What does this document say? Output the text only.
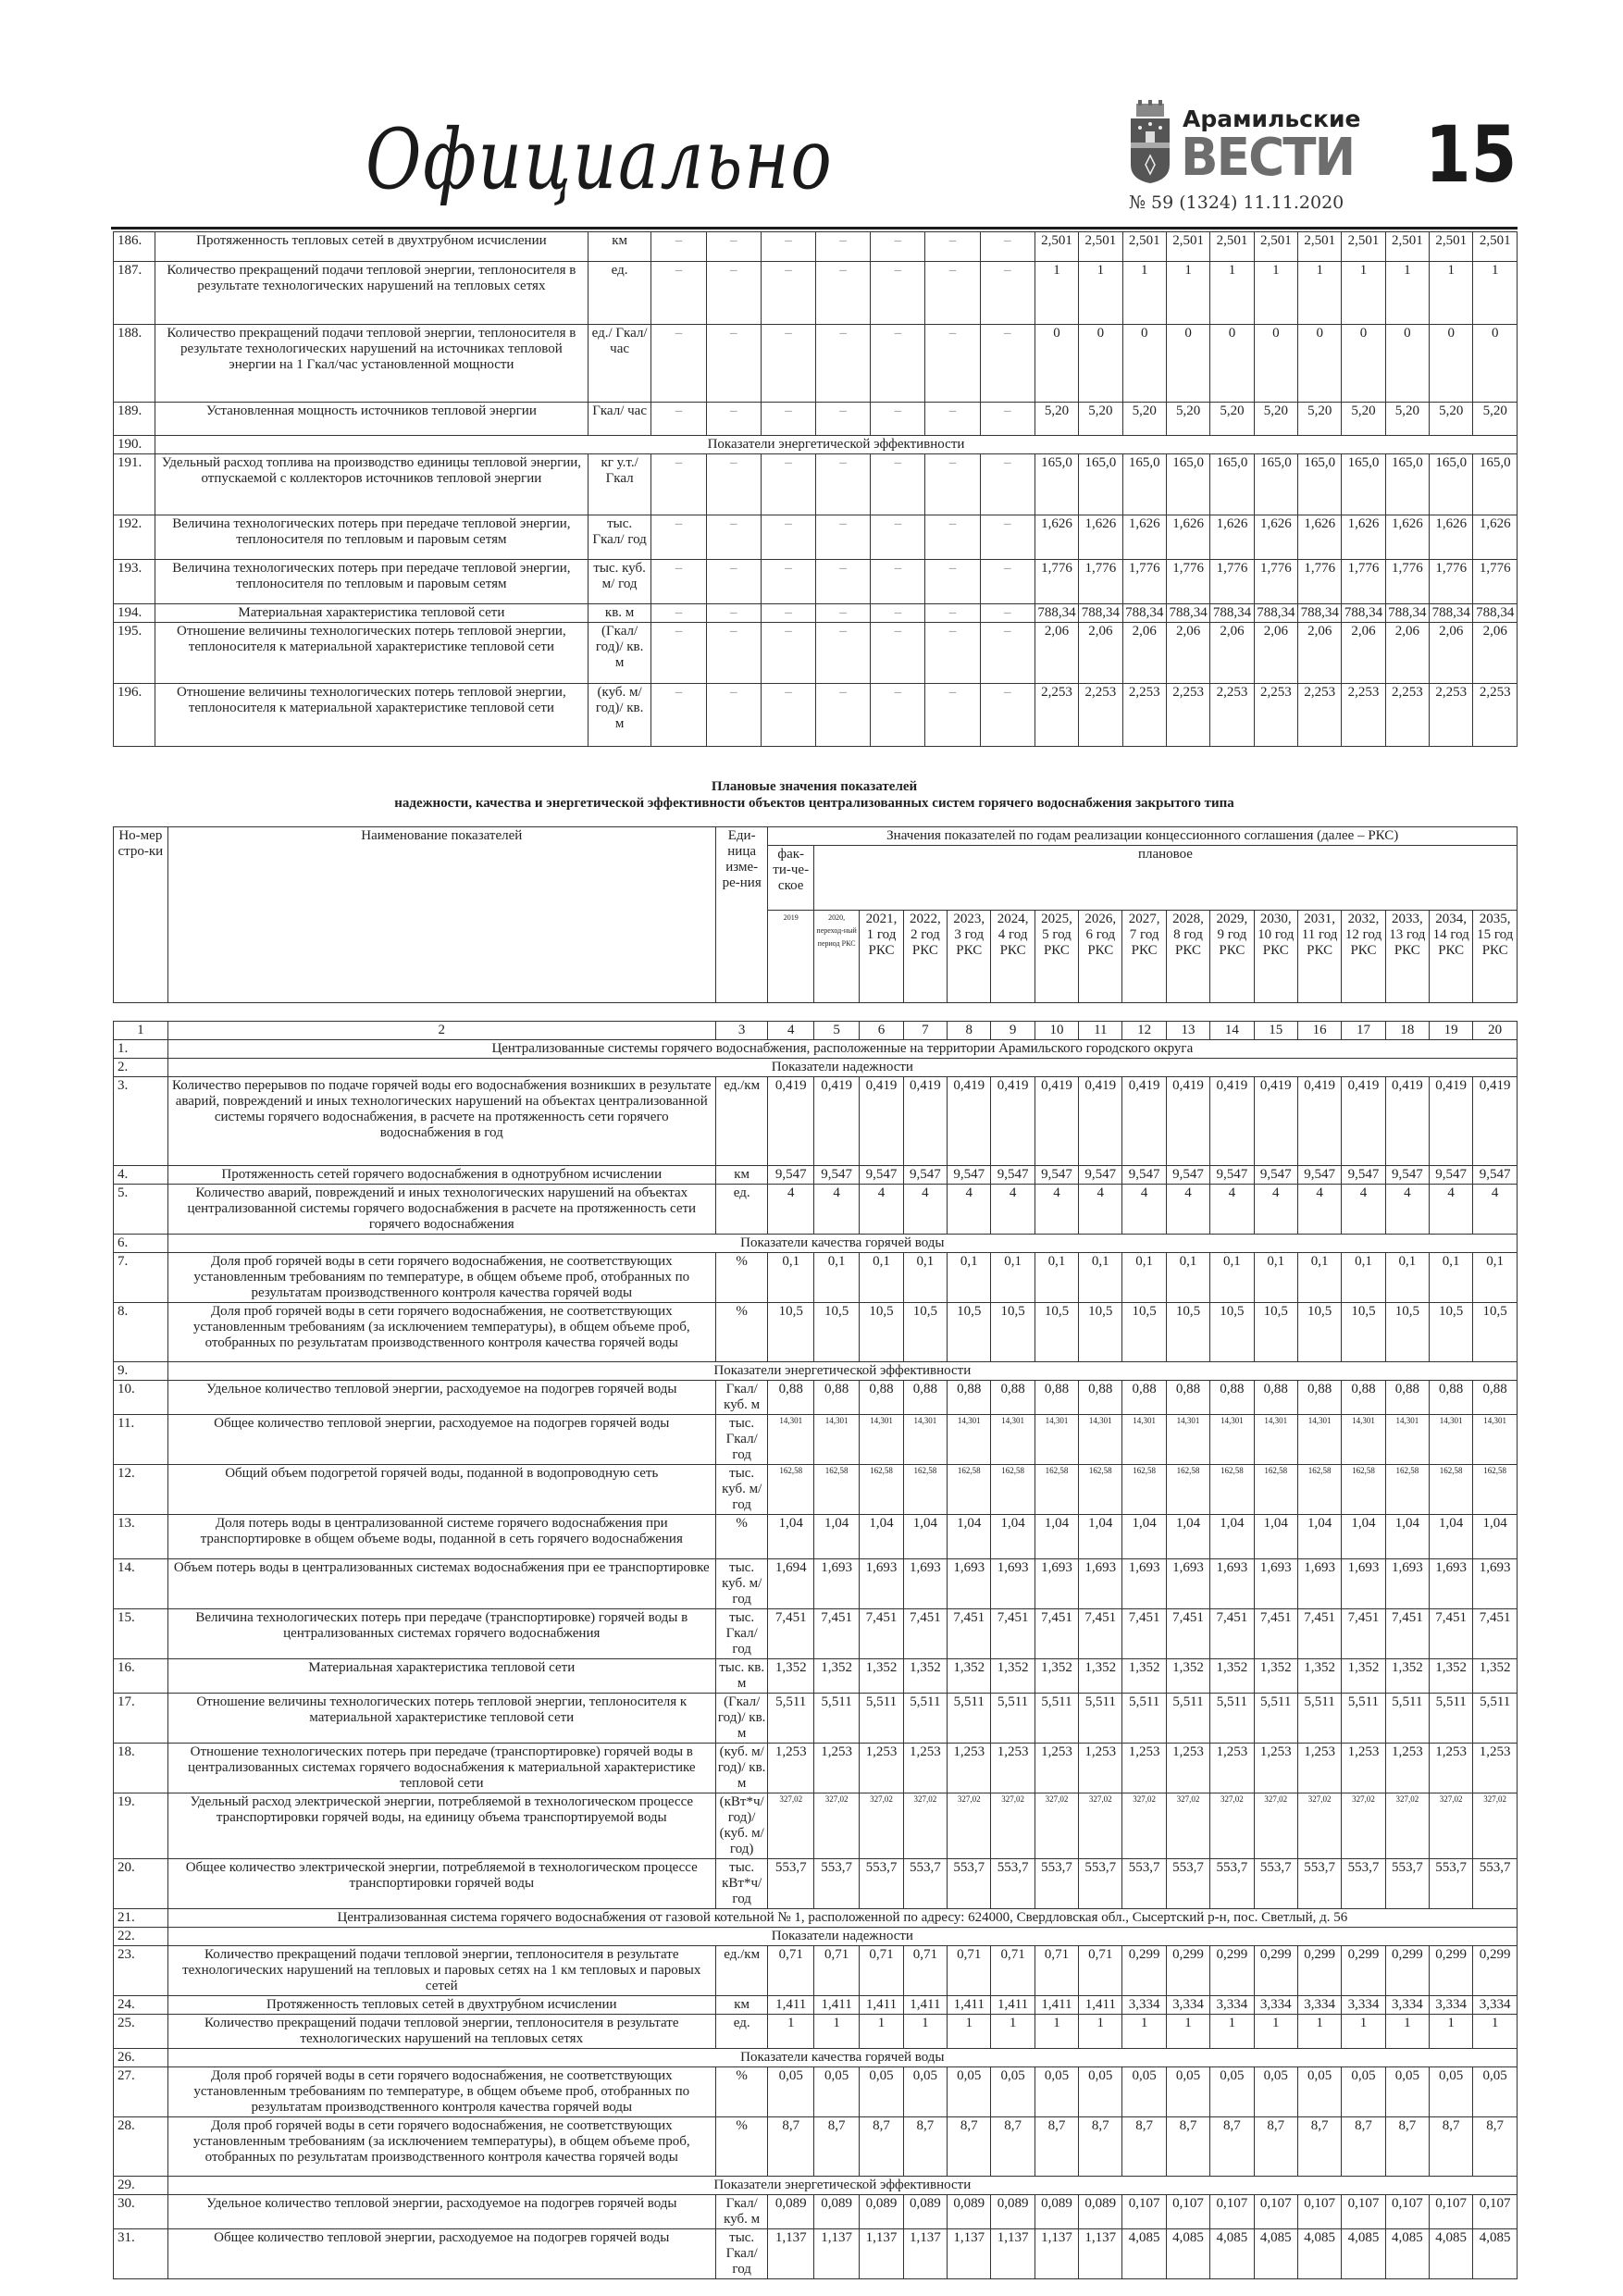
Официально	Арамильские
ВЕСТИ
№ 59 (1324) 11.11.2020
15
186.	Протяженность тепловых сетей в двухтрубном исчислении	км	–	–	–	–	–	–	–	2,501	2,501	2,501	2,501	2,501	2,501	2,501	2,501	2,501	2,501	2,501
187.	Количество прекращений подачи тепловой энергии, теплоносителя в результате технологических нарушений на тепловых сетях	ед.	–	–	–	–	–	–	–	1	1	1	1	1	1	1	1	1	1	1
188.	Количество прекращений подачи тепловой энергии, теплоносителя в результате технологических нарушений на источниках тепловой энергии на 1 Гкал/час установленной мощности	ед./ Гкал/ час	–	–	–	–	–	–	–	0	0	0	0	0	0	0	0	0	0	0
189.	Установленная мощность источников тепловой энергии	Гкал/ час	–	–	–	–	–	–	–	5,20	5,20	5,20	5,20	5,20	5,20	5,20	5,20	5,20	5,20	5,20
190.	Показатели энергетической эффективности																			
191.	Удельный расход топлива на производство единицы тепловой энергии, отпускаемой с коллекторов источников тепловой энергии	кг у.т./ Гкал	–	–	–	–	–	–	–	165,0	165,0	165,0	165,0	165,0	165,0	165,0	165,0	165,0	165,0	165,0
192.	Величина технологических потерь при передаче тепловой энергии, теплоносителя по тепловым и паровым сетям	тыс. Гкал/ год	–	–	–	–	–	–	–	1,626	1,626	1,626	1,626	1,626	1,626	1,626	1,626	1,626	1,626	1,626
193.	Величина технологических потерь при передаче тепловой энергии, теплоносителя по тепловым и паровым сетям	тыс. куб. м/ год	–	–	–	–	–	–	–	1,776	1,776	1,776	1,776	1,776	1,776	1,776	1,776	1,776	1,776	1,776
194.	Материальная характеристика тепловой сети	кв. м	–	–	–	–	–	–	–	788,34	788,34	788,34	788,34	788,34	788,34	788,34	788,34	788,34	788,34	788,34
195.	Отношение величины технологических потерь тепловой энергии, теплоносителя к материальной характеристике тепловой сети	(Гкал/ год)/ кв. м	–	–	–	–	–	–	–	2,06	2,06	2,06	2,06	2,06	2,06	2,06	2,06	2,06	2,06	2,06
196.	Отношение величины технологических потерь тепловой энергии, теплоносителя к материальной характеристике тепловой сети	(куб. м/ год)/ кв. м	–	–	–	–	–	–	–	2,253	2,253	2,253	2,253	2,253	2,253	2,253	2,253	2,253	2,253	2,253
Плановые значения показателей
надежности, качества и энергетической эффективности объектов централизованных систем горячего водоснабжения закрытого типа
Но-мер стро-ки	Наименование показателей	Еди-ница изме-ре-ния	Значения показателей по годам реализации концессионного соглашения (далее – РКС)																
			фак-ти-че-ское	плановое															
			2019	2020, переход-ный период РКС	2021, 1 год РКС	2022, 2 год РКС	2023, 3 год РКС	2024, 4 год РКС	2025, 5 год РКС	2026, 6 год РКС	2027, 7 год РКС	2028, 8 год РКС	2029, 9 год РКС	2030, 10 год РКС	2031, 11 год РКС	2032, 12 год РКС	2033, 13 год РКС	2034, 14 год РКС	2035, 15 год РКС

1	2	3	4	5	6	7	8	9	10	11	12	13	14	15	16	17	18	19	20
1.	Централизованные системы горячего водоснабжения, расположенные на территории Арамильского городского округа																		
2.	Показатели надежности																		
3.	Количество перерывов по подаче горячей воды его водоснабжения возникших в результате аварий, повреждений и иных технологических нарушений на объектах централизованной системы горячего водоснабжения, в расчете на протяженность сети горячего водоснабжения в год	ед./км	0,419	0,419	0,419	0,419	0,419	0,419	0,419	0,419	0,419	0,419	0,419	0,419	0,419	0,419	0,419	0,419	0,419
4.	Протяженность сетей горячего водоснабжения в однотрубном исчислении	км	9,547	9,547	9,547	9,547	9,547	9,547	9,547	9,547	9,547	9,547	9,547	9,547	9,547	9,547	9,547	9,547	9,547
5.	Количество аварий, повреждений и иных технологических нарушений на объектах централизованной системы горячего водоснабжения в расчете на протяженность сети горячего водоснабжения	ед.	4	4	4	4	4	4	4	4	4	4	4	4	4	4	4	4	4
6.	Показатели качества горячей воды																		
7.	Доля проб горячей воды в сети горячего водоснабжения, не соответствующих установленным требованиям по температуре, в общем объеме проб, отобранных по результатам производственного контроля качества горячей воды	%	0,1	0,1	0,1	0,1	0,1	0,1	0,1	0,1	0,1	0,1	0,1	0,1	0,1	0,1	0,1	0,1	0,1
8.	Доля проб горячей воды в сети горячего водоснабжения, не соответствующих установленным требованиям (за исключением температуры), в общем объеме проб, отобранных по результатам производственного контроля качества горячей воды	%	10,5	10,5	10,5	10,5	10,5	10,5	10,5	10,5	10,5	10,5	10,5	10,5	10,5	10,5	10,5	10,5	10,5
9.	Показатели энергетической эффективности																		
10.	Удельное количество тепловой энергии, расходуемое на подогрев горячей воды	Гкал/ куб. м	0,88	0,88	0,88	0,88	0,88	0,88	0,88	0,88	0,88	0,88	0,88	0,88	0,88	0,88	0,88	0,88	0,88
11.	Общее количество тепловой энергии, расходуемое на подогрев горячей воды	тыс. Гкал/ год	14,301	14,301	14,301	14,301	14,301	14,301	14,301	14,301	14,301	14,301	14,301	14,301	14,301	14,301	14,301	14,301	14,301
12.	Общий объем подогретой горячей воды, поданной в водопроводную сеть	тыс. куб. м/ год	162,58	162,58	162,58	162,58	162,58	162,58	162,58	162,58	162,58	162,58	162,58	162,58	162,58	162,58	162,58	162,58	162,58
13.	Доля потерь воды в централизованной системе горячего водоснабжения при транспортировке в общем объеме воды, поданной в сеть горячего водоснабжения	%	1,04	1,04	1,04	1,04	1,04	1,04	1,04	1,04	1,04	1,04	1,04	1,04	1,04	1,04	1,04	1,04	1,04
14.	Объем потерь воды в централизованных системах водоснабжения при ее транспортировке	тыс. куб. м/ год	1,694	1,693	1,693	1,693	1,693	1,693	1,693	1,693	1,693	1,693	1,693	1,693	1,693	1,693	1,693	1,693	1,693
15.	Величина технологических потерь при передаче (транспортировке) горячей воды в централизованных системах горячего водоснабжения	тыс. Гкал/ год	7,451	7,451	7,451	7,451	7,451	7,451	7,451	7,451	7,451	7,451	7,451	7,451	7,451	7,451	7,451	7,451	7,451
16.	Материальная характеристика тепловой сети	тыс. кв. м	1,352	1,352	1,352	1,352	1,352	1,352	1,352	1,352	1,352	1,352	1,352	1,352	1,352	1,352	1,352	1,352	1,352
17.	Отношение величины технологических потерь тепловой энергии, теплоносителя к материальной характеристике тепловой сети	(Гкал/ год)/ кв. м	5,511	5,511	5,511	5,511	5,511	5,511	5,511	5,511	5,511	5,511	5,511	5,511	5,511	5,511	5,511	5,511	5,511
18.	Отношение технологических потерь при передаче (транспортировке) горячей воды в централизованных системах горячего водоснабжения к материальной характеристике тепловой сети	(куб. м/ год)/ кв. м	1,253	1,253	1,253	1,253	1,253	1,253	1,253	1,253	1,253	1,253	1,253	1,253	1,253	1,253	1,253	1,253	1,253
19.	Удельный расход электрической энергии, потребляемой в технологическом процессе транспортировки горячей воды, на единицу объема транспортируемой воды	(кВт*ч/ год)/ (куб. м/ год)	327,02	327,02	327,02	327,02	327,02	327,02	327,02	327,02	327,02	327,02	327,02	327,02	327,02	327,02	327,02	327,02	327,02
20.	Общее количество электрической энергии, потребляемой в технологическом процессе транспортировки горячей воды	тыс. кВт*ч/ год	553,7	553,7	553,7	553,7	553,7	553,7	553,7	553,7	553,7	553,7	553,7	553,7	553,7	553,7	553,7	553,7	553,7
21.	Централизованная система горячего водоснабжения от газовой котельной № 1, расположенной по адресу: 624000, Свердловская обл., Сысертский р-н, пос. Светлый, д. 56																		
22.	Показатели надежности																		
23.	Количество прекращений подачи тепловой энергии, теплоносителя в результате технологических нарушений на тепловых и паровых сетях на 1 км тепловых и паровых сетей	ед./км	0,71	0,71	0,71	0,71	0,71	0,71	0,71	0,71	0,299	0,299	0,299	0,299	0,299	0,299	0,299	0,299	0,299
24.	Протяженность тепловых сетей в двухтрубном исчислении	км	1,411	1,411	1,411	1,411	1,411	1,411	1,411	1,411	3,334	3,334	3,334	3,334	3,334	3,334	3,334	3,334	3,334
25.	Количество прекращений подачи тепловой энергии, теплоносителя в результате технологических нарушений на тепловых сетях	ед.	1	1	1	1	1	1	1	1	1	1	1	1	1	1	1	1	1
26.	Показатели качества горячей воды																		
27.	Доля проб горячей воды в сети горячего водоснабжения, не соответствующих установленным требованиям по температуре, в общем объеме проб, отобранных по результатам производственного контроля качества горячей воды	%	0,05	0,05	0,05	0,05	0,05	0,05	0,05	0,05	0,05	0,05	0,05	0,05	0,05	0,05	0,05	0,05	0,05
28.	Доля проб горячей воды в сети горячего водоснабжения, не соответствующих установленным требованиям (за исключением температуры), в общем объеме проб, отобранных по результатам производственного контроля качества горячей воды	%	8,7	8,7	8,7	8,7	8,7	8,7	8,7	8,7	8,7	8,7	8,7	8,7	8,7	8,7	8,7	8,7	8,7
29.	Показатели энергетической эффективности																		
30.	Удельное количество тепловой энергии, расходуемое на подогрев горячей воды	Гкал/ куб. м	0,089	0,089	0,089	0,089	0,089	0,089	0,089	0,089	0,107	0,107	0,107	0,107	0,107	0,107	0,107	0,107	0,107
31.	Общее количество тепловой энергии, расходуемое на подогрев горячей воды	тыс. Гкал/ год	1,137	1,137	1,137	1,137	1,137	1,137	1,137	1,137	4,085	4,085	4,085	4,085	4,085	4,085	4,085	4,085	4,085
